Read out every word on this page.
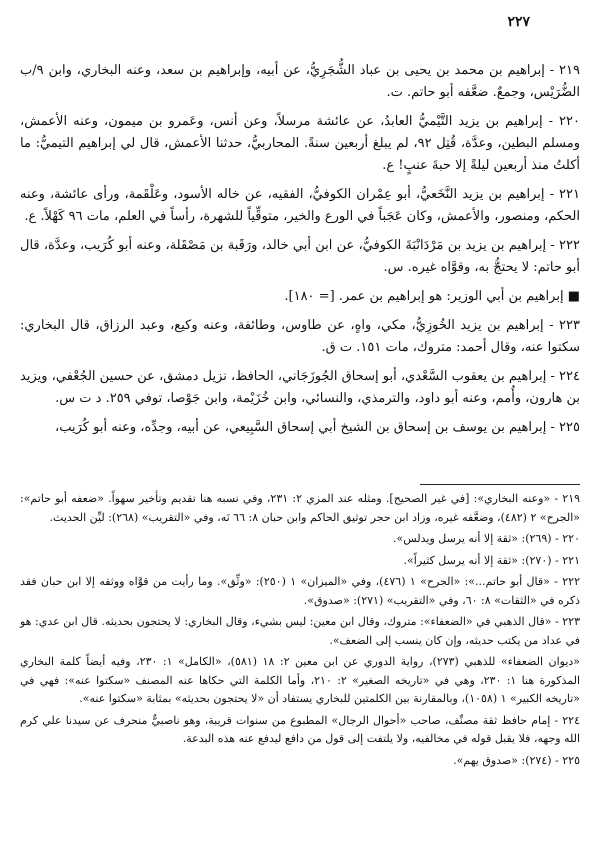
٢٢٧
٢١٩ - إبراهيم بن محمد بن يحيى بن عباد الشُّجَرِيُّ، عن أبيه، وإبراهيم بن سعد، وعنه البخاري، وابن ٩/ب الضُّرَيْس، وجمعٌ. ضعَّفه أبو حاتم. ت.
٢٢٠ - إبراهيم بن يزيد التَّيْميُّ العابدُ، عن عائشة مرسلاً، وعن أنس، وعَمرو بن ميمون، وعنه الأعمش، ومسلم البطين، وعدَّة، قُتِل ٩٢، لم يبلغ أربعين سنةً. المحاربيُّ، حدثنا الأعمش، قال لي إبراهيم التيميُّ: ما أكلتُ منذ أربعين ليلةً إلا حبةَ عنبٍ! ع.
٢٢١ - إبراهيم بن يزيد النَّخَعيُّ، أبو عِمْران الكوفيُّ، الفقيه، عن خاله الأسود، وعَلْقَمة، ورأى عائشة، وعنه الحكم، ومنصور، والأعمش، وكان عَجَباً في الورع والخير، متوقِّياً للشهرة، رأساً في العلم، مات ٩٦ كَهْلاً. ع.
٢٢٢ - إبراهيم بن يزيد بن مَرْدَانْبَةَ الكوفيُّ، عن ابن أبي خالد، ورَقَبة بن مَصْقَلة، وعنه أبو كُرَيب، وعدَّة، قال أبو حاتم: لا يحتجُّ به، وقوَّاه غيره. س.
■ إبراهيم بن أبي الوزير: هو إبراهيم بن عمر. [= ١٨٠].
٢٢٣ - إبراهيم بن يزيد الخُوزِيُّ، مكي، واهٍ، عن طاوس، وطائفة، وعنه وكيع، وعبد الرزاق، قال البخاري: سكتوا عنه، وقال أحمد: متروك، مات ١٥١. ت ق.
٢٢٤ - إبراهيم بن يعقوب السَّعْدي، أبو إسحاق الجُوزَجَاني، الحافظ، نزيل دمشق، عن حسين الجُعْفي، ويزيد بن هارون، وأُمم، وعنه أبو داود، والترمذي، والنسائي، وابن خُزَيْمة، وابن جَوْصا، توفي ٢٥٩. د ت س.
٢٢٥ - إبراهيم بن يوسف بن إسحاق بن الشيخ أبي إسحاق السَّبِيعي، عن أبيه، وجدِّه، وعنه أبو كُرَيب،
٢١٩ - «وعنه البخاري»: [في غير الصحيح]. ومثله عند المزي ٢: ٢٣١، وفي نسبه هنا تقديم وتأخير سهواً. «ضعفه أبو حاتم»: «الجرح» ٢ (٤٨٢)، وضعَّفه غيره، وزاد ابن حجر توثيق الحاكم وابن حبان ٨: ٦٦ نَه، وفي «التقريب» (٢٦٨): ليِّن الحديث.
٢٢٠ - (٢٦٩): «ثقة إلا أنه يرسل ويدلس».
٢٢١ - (٢٧٠): «ثقة إلا أنه يرسل كثيراً».
٢٢٢ - «قال أبو حاتم...»: «الجرح» ١ (٤٧٦)، وفي «الميزان» ١ (٢٥٠): «وثِّق». وما رأيت من قوَّاه ووثقه إلا ابن حبان فقد ذكره في «الثقات» ٨: ٦٠، وفي «التقريب» (٢٧١): «صدوق».
٢٢٣ - «قال الذهبي في «الضعفاء»: متروك، وقال ابن معين: ليس بشيء، وقال البخاري: لا يحتجون بحديثه. قال ابن عدي: هو في عداد من يكتب حديثه، وإن كان ينسب إلى الضعف».
«ديوان الضعفاء» للذهبي (٢٧٣)، رواية الدوري عن ابن معين ٢: ١٨ (٥٨١)، «الكامل» ١: ٢٣٠، وفيه أيضاً كلمة البخاري المذكورة هنا ١: ٢٣٠، وهي في «تاريخه الصغير» ٢: ٢١٠، وأما الكلمة التي حكاها عنه المصنف «سكتوا عنه»: فهي في «تاريخه الكبير» ١ (١٠٥٨)، وبالمقارنة بين الكلمتين للبخاري يستفاد أن «لا يحتجون بحديثه» بمثابة «سكتوا عنه».
٢٢٤ - إمام حافظ ثقة مصنِّف، صاحب «أحوال الرجال» المطبوع من سنوات قريبة، وهو ناصبيٌّ منحرف عن سيدنا علي كرم الله وجهه، فلا يقبل قوله في مخالفيه، ولا يلتفت إلى قول من دافع ليدفع عنه هذه البدعة.
٢٢٥ - (٢٧٤): «صدوق يهم».
